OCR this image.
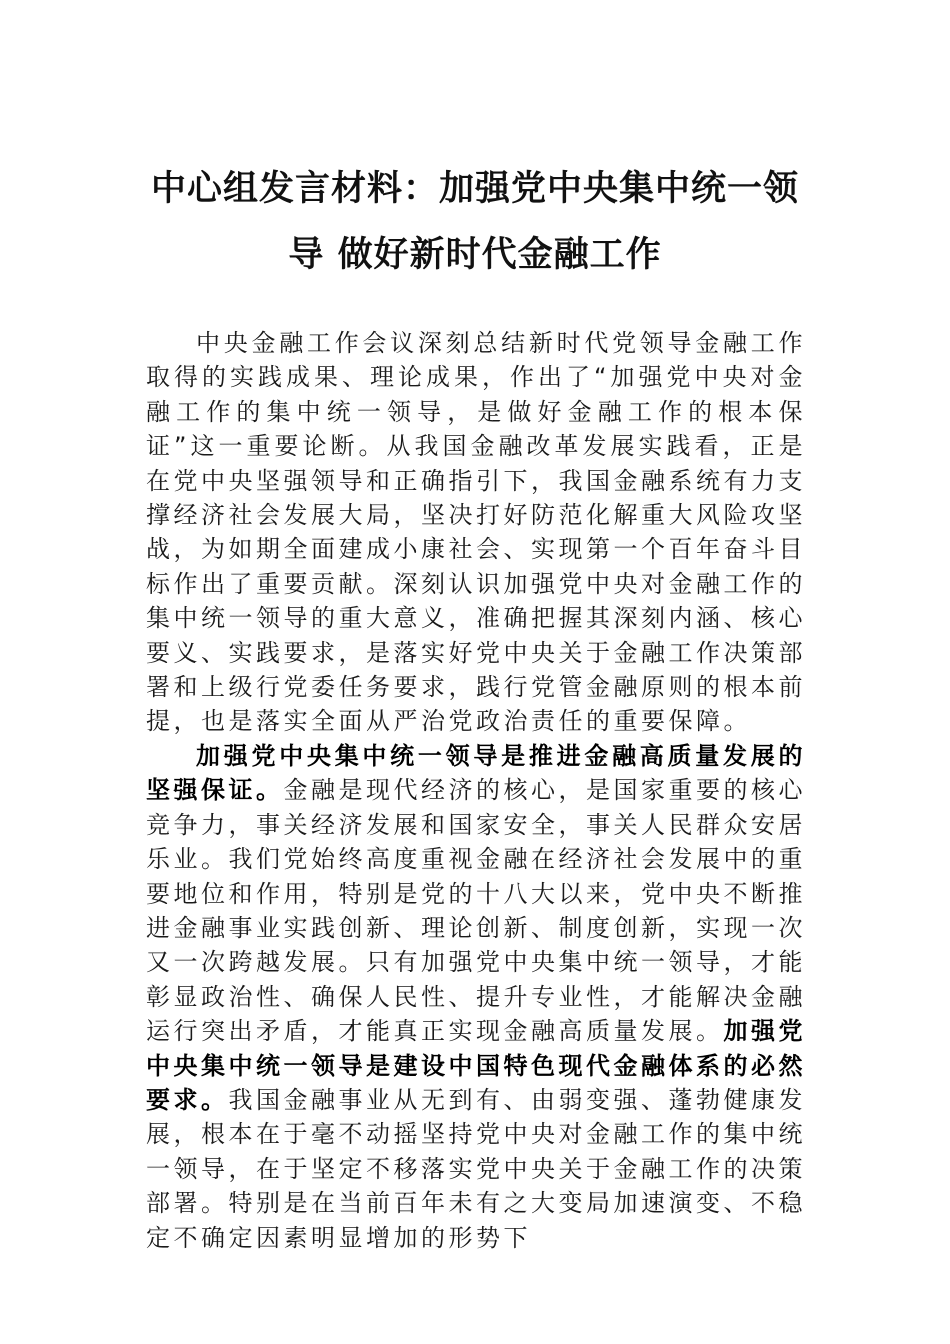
中心组发言材料：加强党中央集中统一领
导 做好新时代金融工作

中央金融工作会议深刻总结新时代党领导金融工作取得的实践成果、理论成果，作出了“加强党中央对金融工作的集中统一领导，是做好金融工作的根本保证”这一重要论断。从我国金融改革发展实践看，正是在党中央坚强领导和正确指引下，我国金融系统有力支撑经济社会发展大局，坚决打好防范化解重大风险攻坚战，为如期全面建成小康社会、实现第一个百年奋斗目标作出了重要贡献。深刻认识加强党中央对金融工作的集中统一领导的重大意义，准确把握其深刻内涵、核心要义、实践要求，是落实好党中央关于金融工作决策部署和上级行党委任务要求，践行党管金融原则的根本前提，也是落实全面从严治党政治责任的重要保障。

加强党中央集中统一领导是推进金融高质量发展的坚强保证。金融是现代经济的核心，是国家重要的核心竞争力，事关经济发展和国家安全，事关人民群众安居乐业。我们党始终高度重视金融在经济社会发展中的重要地位和作用，特别是党的十八大以来，党中央不断推进金融事业实践创新、理论创新、制度创新，实现一次又一次跨越发展。只有加强党中央集中统一领导，才能彰显政治性、确保人民性、提升专业性，才能解决金融运行突出矛盾，才能真正实现金融高质量发展。加强党中央集中统一领导是建设中国特色现代金融体系的必然要求。我国金融事业从无到有、由弱变强、蓬勃健康发展，根本在于毫不动摇坚持党中央对金融工作的集中统一领导，在于坚定不移落实党中央关于金融工作的决策部署。特别是在当前百年未有之大变局加速演变、不稳定不确定因素明显增加的形势下
